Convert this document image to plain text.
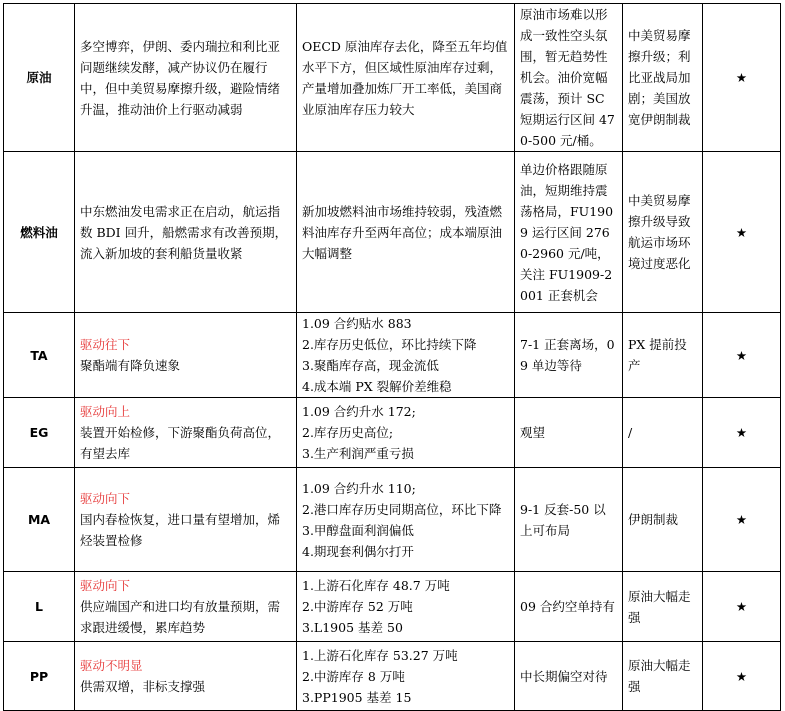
原油	多空博弈，伊朗、委内瑞拉和利比亚问题继续发酵，减产协议仍在履行中，但中美贸易摩擦升级，避险情绪升温，推动油价上行驱动减弱	OECD 原油库存去化，降至五年均值水平下方，但区域性原油库存过剩，产量增加叠加炼厂开工率低，美国商业原油库存压力较大	原油市场难以形成一致性空头氛围，暂无趋势性机会。油价宽幅震荡，预计 SC 短期运行区间 470-500 元/桶。	中美贸易摩擦升级；利比亚战局加剧；美国放宽伊朗制裁	★
燃料油	中东燃油发电需求正在启动，航运指数 BDI 回升，船燃需求有改善预期，流入新加坡的套利船货量收紧	新加坡燃料油市场维持较弱，残渣燃料油库存升至两年高位；成本端原油大幅调整	单边价格跟随原油，短期维持震荡格局，FU1909 运行区间 2760-2960 元/吨，关注 FU1909-2001 正套机会	中美贸易摩擦升级导致航运市场环境过度恶化	★
TA	驱动往下
聚酯端有降负速象	1.09 合约贴水 883
2.库存历史低位，环比持续下降
3.聚酯库存高，现金流低
4.成本端 PX 裂解价差维稳	7-1 正套离场，09 单边等待	PX 提前投产	★
EG	驱动向上
装置开始检修，下游聚酯负荷高位，有望去库	1.09 合约升水 172;
2.库存历史高位;
3.生产利润严重亏损	观望	/	★
MA	驱动向下
国内春检恢复，进口量有望增加，烯烃装置检修	1.09 合约升水 110;
2.港口库存历史同期高位，环比下降
3.甲醇盘面利润偏低
4.期现套利偶尔打开	9-1 反套-50 以上可布局	伊朗制裁	★
L	驱动向下
供应端国产和进口均有放量预期，需求跟进缓慢，累库趋势	1.上游石化库存 48.7 万吨
2.中游库存 52 万吨
3.L1905 基差 50	09 合约空单持有	原油大幅走强	★
PP	驱动不明显
供需双增，非标支撑强	1.上游石化库存 53.27 万吨
2.中游库存 8 万吨
3.PP1905 基差 15	中长期偏空对待	原油大幅走强	★
